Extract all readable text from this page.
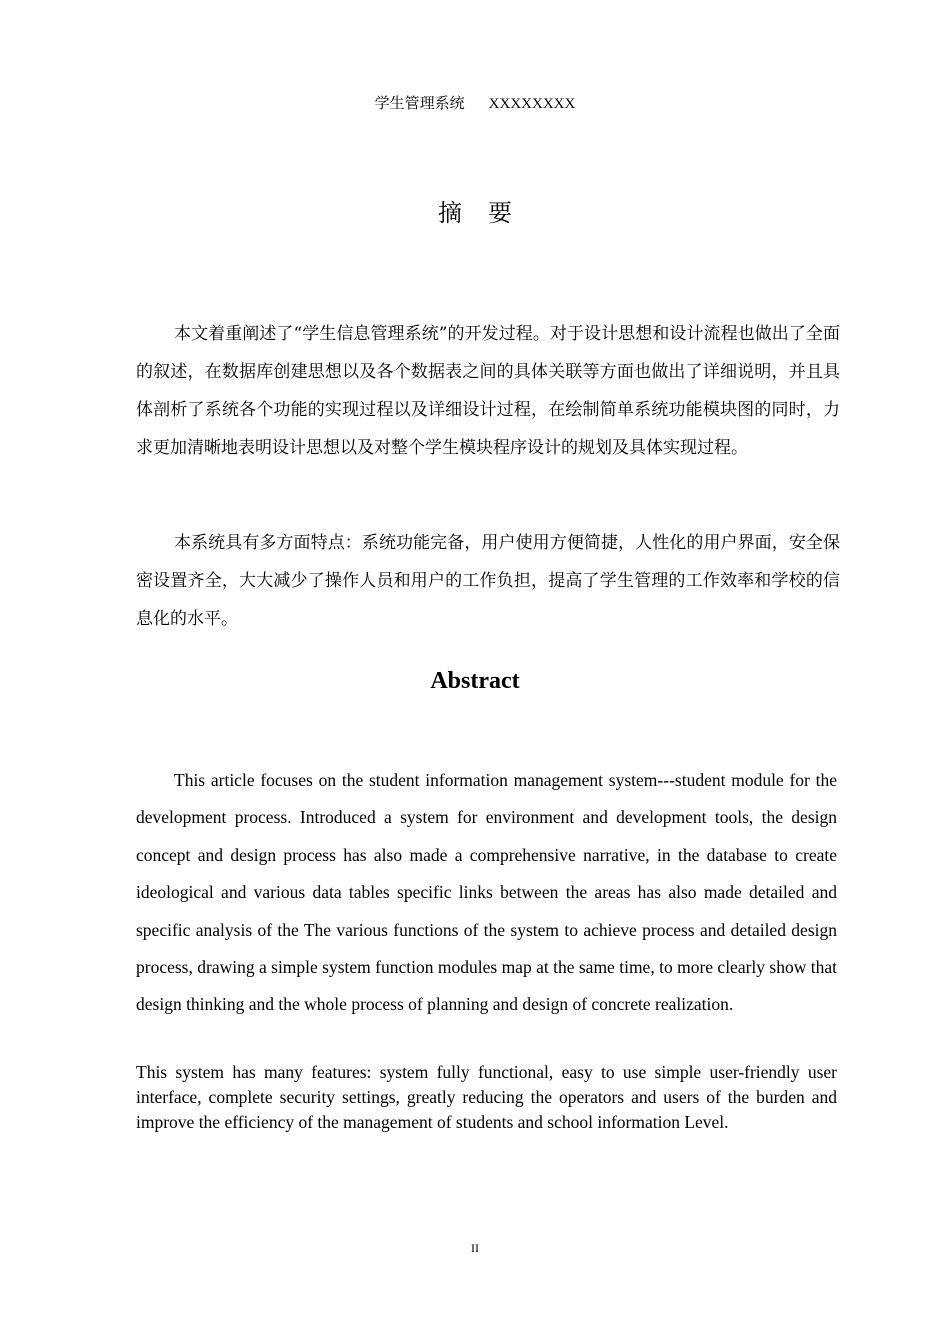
学生管理系统 XXXXXXXX
摘要

本文着重阐述了“学生信息管理系统”的开发过程。对于设计思想和设计流程也做出了全面的叙述，在数据库创建思想以及各个数据表之间的具体关联等方面也做出了详细说明，并且具体剖析了系统各个功能的实现过程以及详细设计过程，在绘制简单系统功能模块图的同时，力求更加清晰地表明设计思想以及对整个学生模块程序设计的规划及具体实现过程。

本系统具有多方面特点：系统功能完备，用户使用方便简捷，人性化的用户界面，安全保密设置齐全，大大减少了操作人员和用户的工作负担，提高了学生管理的工作效率和学校的信息化的水平。

Abstract

This article focuses on the student information management system---student module for the development process. Introduced a system for environment and development tools, the design concept and design process has also made a comprehensive narrative, in the database to create ideological and various data tables specific links between the areas has also made detailed and specific analysis of the The various functions of the system to achieve process and detailed design process, drawing a simple system function modules map at the same time, to more clearly show that design thinking and the whole process of planning and design of concrete realization.

This system has many features: system fully functional, easy to use simple user-friendly user interface, complete security settings, greatly reducing the operators and users of the burden and improve the efficiency of the management of students and school information Level.

II
